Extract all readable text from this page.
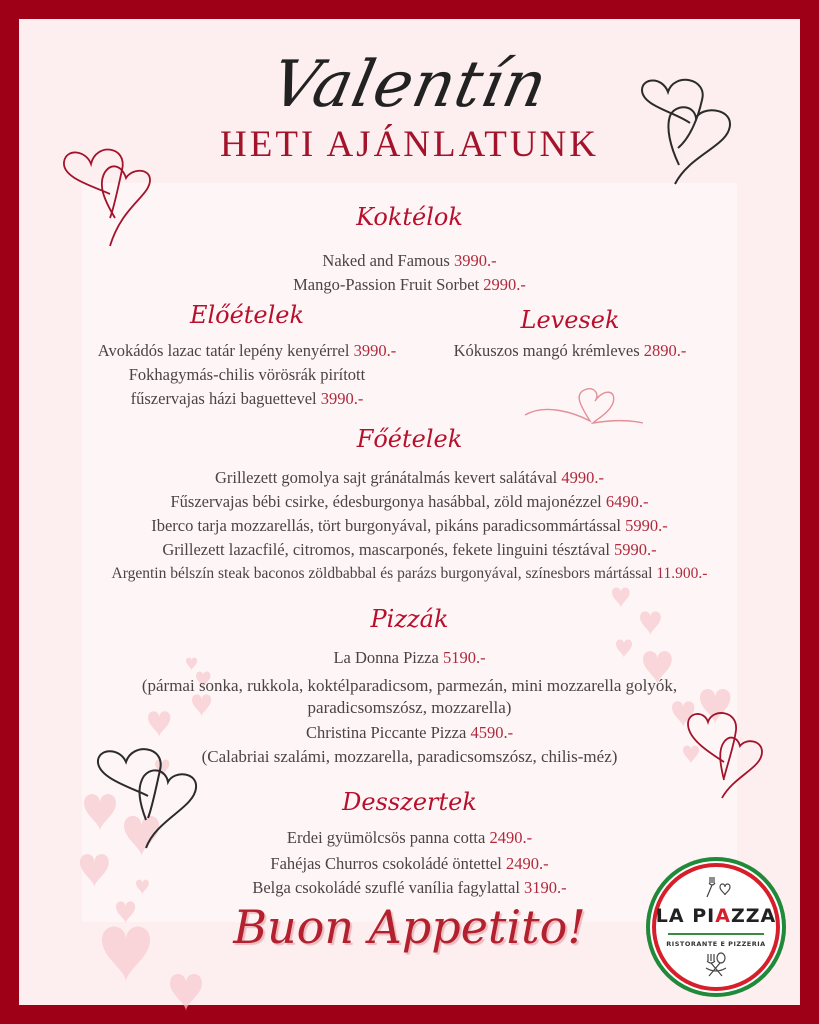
Valentín
HETI AJÁNLATUNK
Koktélok
Naked and Famous 3990.-
Mango-Passion Fruit Sorbet 2990.-
Előételek
Avokádós lazac tatár lepény kenyérrel 3990.-
Fokhagymás-chilis vörösrák pirított
fűszervajas házi baguettevel 3990.-
Levesek
Kókuszos mangó krémleves 2890.-
Főételek
Grillezett gomolya sajt gránátalmás kevert salátával 4990.-
Fűszervajas bébi csirke, édesburgonya hasábbal, zöld majonézzel 6490.-
Iberco tarja mozzarellás, tört burgonyával, pikáns paradicsommártással 5990.-
Grillezett lazacfilé, citromos, mascarponés, fekete linguini tésztával 5990.-
Argentin bélszín steak baconos zöldbabbal és parázs burgonyával, színesbors mártással 11.900.-
Pizzák
La Donna Pizza 5190.-
(pármai sonka, rukkola, koktélparadicsom, parmezán, mini mozzarella golyók,
paradicsomszósz, mozzarella)
Christina Piccante Pizza 4590.-
(Calabriai szalámi, mozzarella, paradicsomszósz, chilis-méz)
Desszertek
Erdei gyümölcsös panna cotta 2490.-
Fahéjas Churros csokoládé öntettel 2490.-
Belga csokoládé szuflé vanília fagylattal 3190.-
Buon Appetito!	LA PIAZZA
RISTORANTE E PIZZERIA
